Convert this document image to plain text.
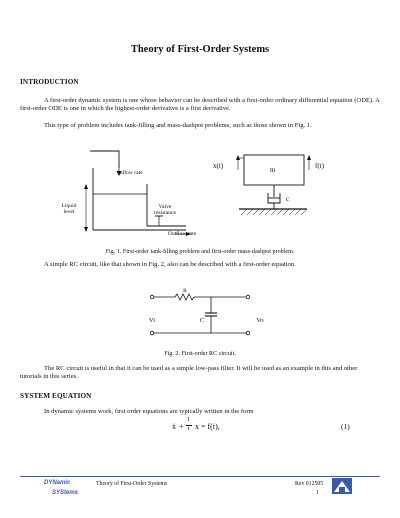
Theory of First-Order Systems
INTRODUCTION
A first-order dynamic system is one whose behavior can be described with a first-order ordinary differential equation (ODE). A first-order ODE is one in which the highest-order derivative is a first derivative.
This type of problem includes tank-filling and mass-dashpot problems, such as those shown in Fig. 1.
Inflow rate
Liquid level
Valve resistance
Outflow rate
x(t)	m	f(t)
c
Fig. 1. First-order tank-filling problem and first-order mass-dashpot problem.
A simple RC circuit, like that shown in Fig. 2, also can be described with a first-order equation.
R
Vi	C	Vo
Fig. 2. First-order RC circuit.
The RC circuit is useful in that it can be used as a simple low-pass filter. It will be used as an example in this and other tutorials in this series.
SYSTEM EQUATION
In dynamic systems work, first order equations are typically written in the form
ẋ +
1
τ x = f(t),	(1)
DYNamic
SYStems
Theory of First-Order Systems	Rev 012505
1
